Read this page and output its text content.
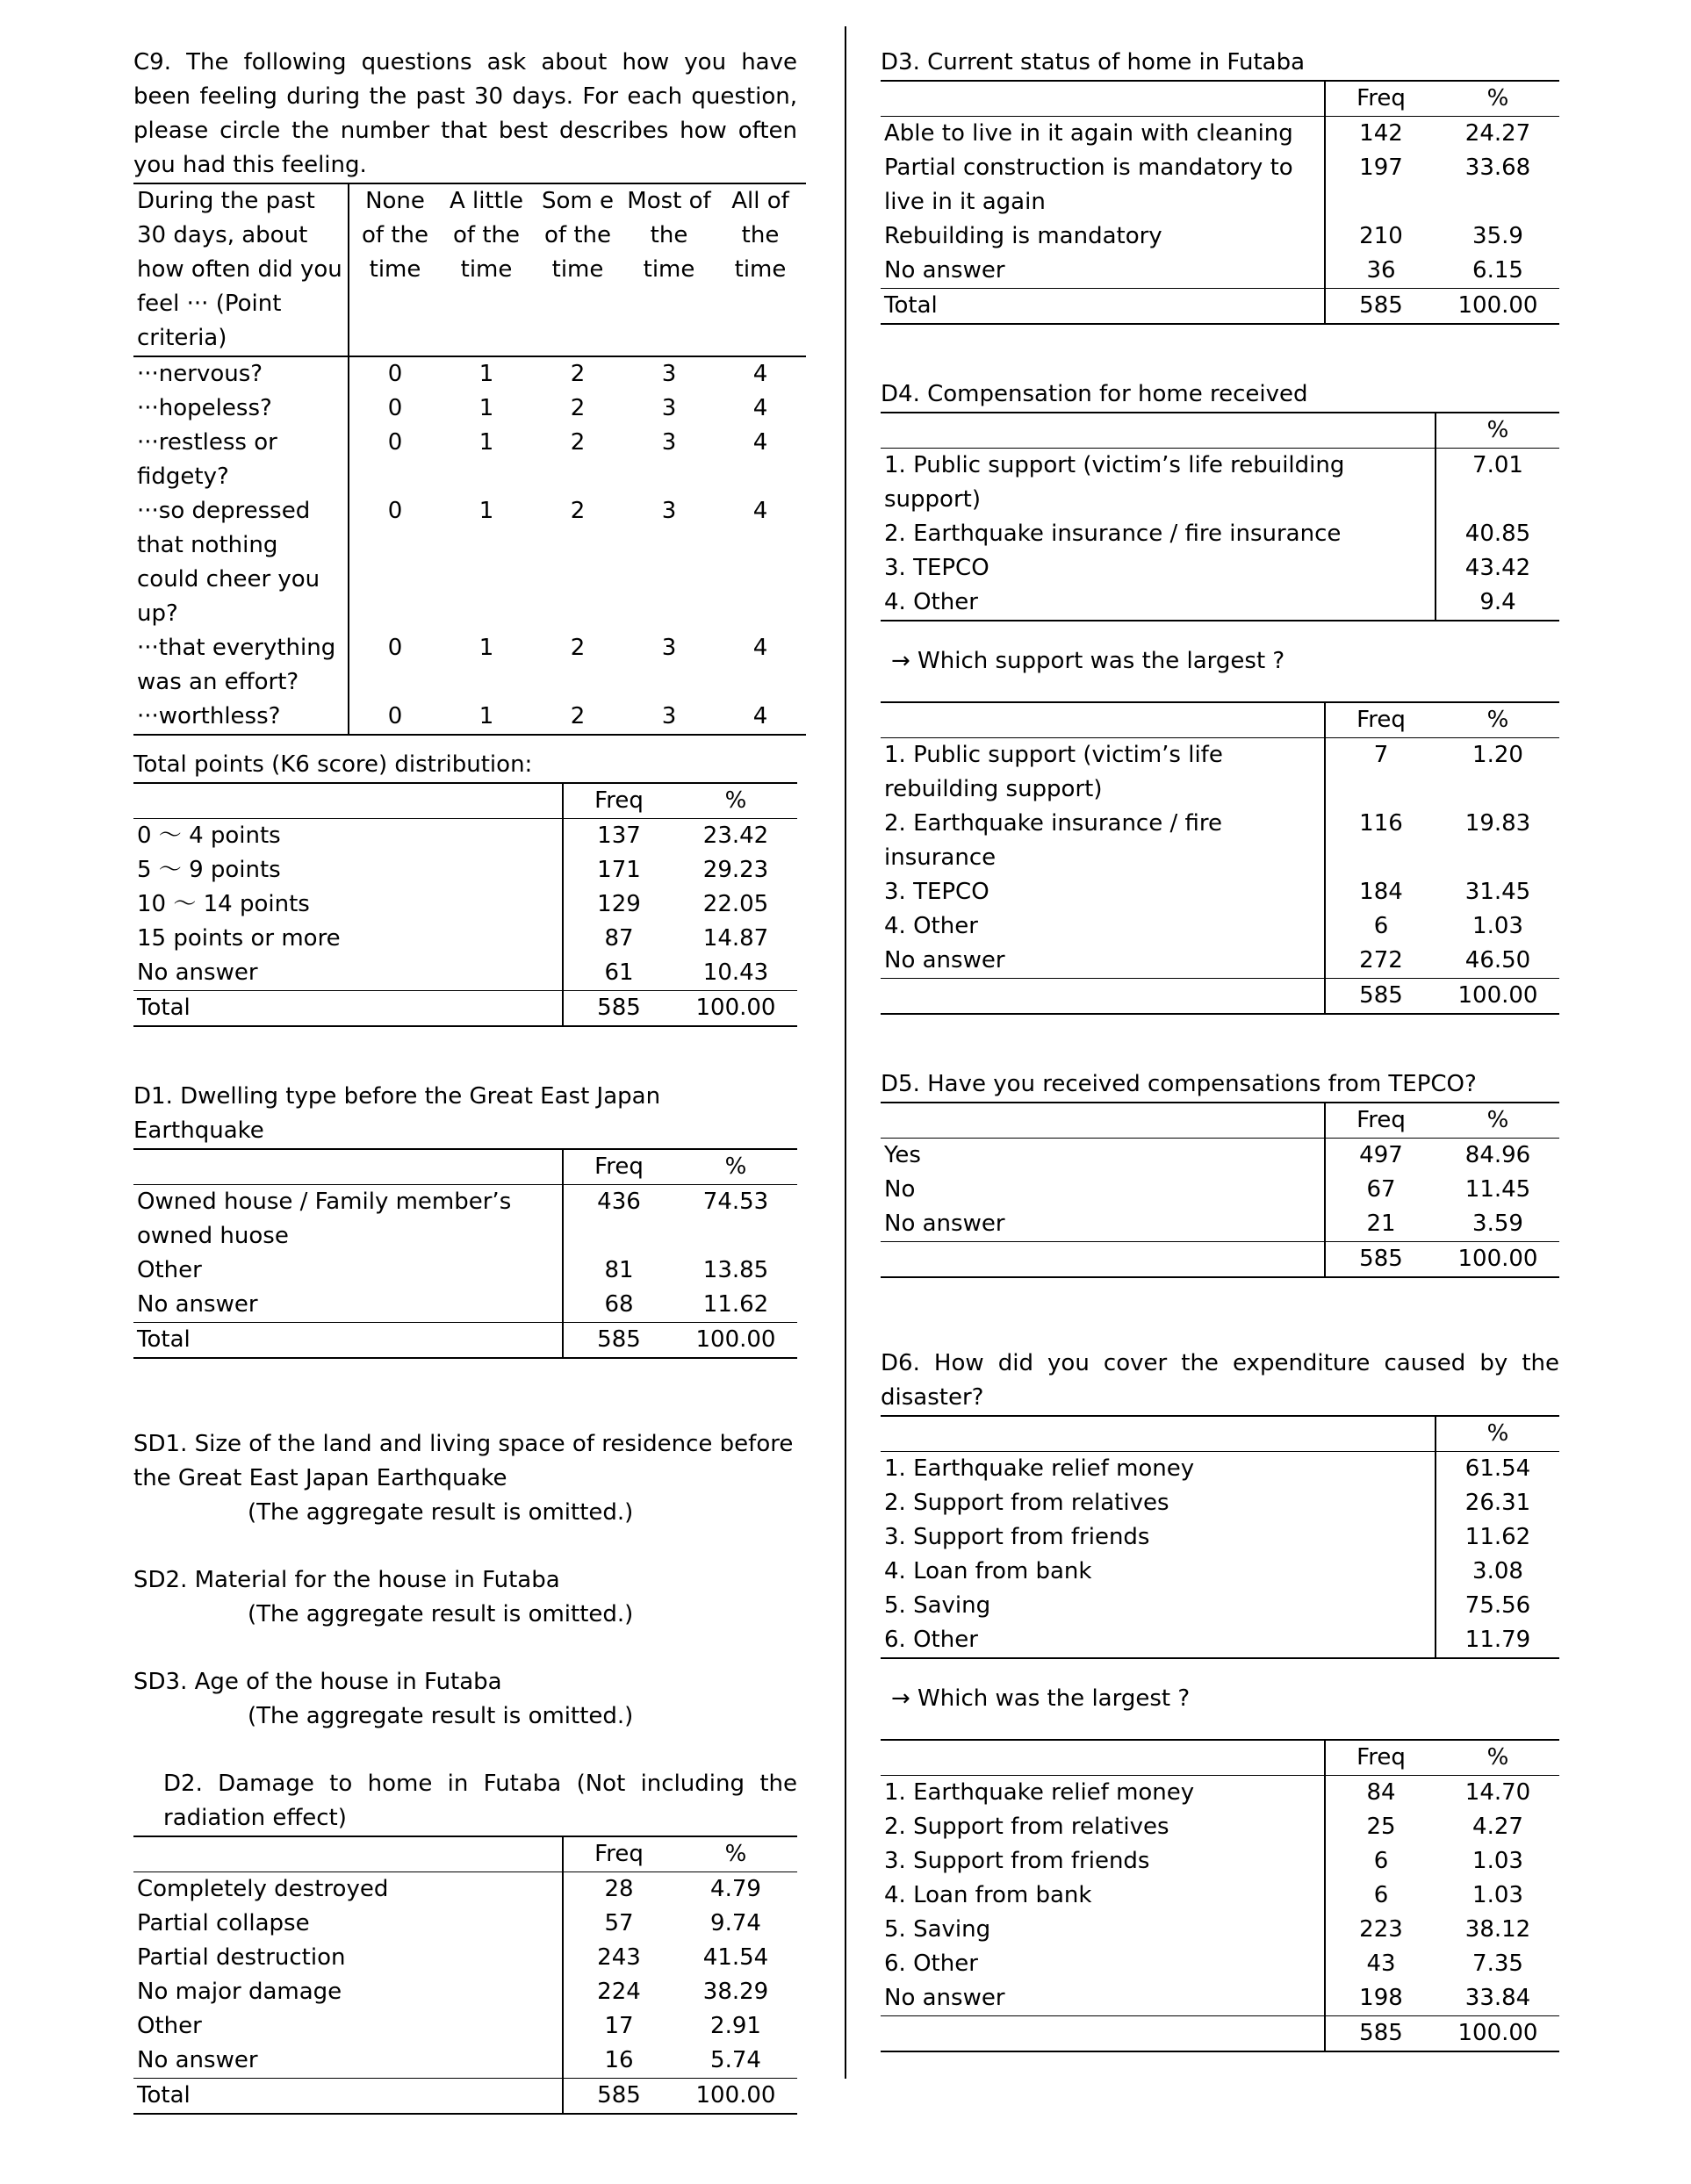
C9. The following questions ask about how you have been feeling during the past 30 days. For each question, please circle the number that best describes how often you had this feeling.

During the past 30 days, about how often did you feel ··· (Point criteria)	None of the time	A little of the time	Som e of the time	Most of the time	All of the time
···nervous?	0	1	2	3	4
···hopeless?	0	1	2	3	4
···restless or fidgety?	0	1	2	3	4
···so depressed that nothing could cheer you up?	0	1	2	3	4
···that everything was an effort?	0	1	2	3	4
···worthless?	0	1	2	3	4

Total points (K6 score) distribution:

	Freq	%
0 ～ 4 points	137	23.42
5 ～ 9 points	171	29.23
10 ～ 14 points	129	22.05
15 points or more	87	14.87
No answer	61	10.43
Total	585	100.00

D1. Dwelling type before the Great East Japan Earthquake

	Freq	%
Owned house / Family member’s owned huose	436	74.53
Other	81	13.85
No answer	68	11.62
Total	585	100.00

SD1. Size of the land and living space of residence before the Great East Japan Earthquake

(The aggregate result is omitted.)

SD2. Material for the house in Futaba

(The aggregate result is omitted.)

SD3. Age of the house in Futaba

(The aggregate result is omitted.)

D2. Damage to home in Futaba (Not including the radiation effect)

	Freq	%
Completely destroyed	28	4.79
Partial collapse	57	9.74
Partial destruction	243	41.54
No major damage	224	38.29
Other	17	2.91
No answer	16	5.74
Total	585	100.00

D3. Current status of home in Futaba

	Freq	%
Able to live in it again with cleaning	142	24.27
Partial construction is mandatory to live in it again	197	33.68
Rebuilding is mandatory	210	35.9
No answer	36	6.15
Total	585	100.00

D4. Compensation for home received

	%
1. Public support (victim’s life rebuilding support)	7.01
2. Earthquake insurance / fire insurance	40.85
3. TEPCO	43.42
4. Other	9.4

→ Which support was the largest ?

	Freq	%
1. Public support (victim’s life rebuilding support)	7	1.20
2. Earthquake insurance / fire insurance	116	19.83
3. TEPCO	184	31.45
4. Other	6	1.03
No answer	272	46.50
	585	100.00

D5. Have you received compensations from TEPCO?

	Freq	%
Yes	497	84.96
No	67	11.45
No answer	21	3.59
	585	100.00

D6. How did you cover the expenditure caused by the disaster?

	%
1. Earthquake relief money	61.54
2. Support from relatives	26.31
3. Support from friends	11.62
4. Loan from bank	3.08
5. Saving	75.56
6. Other	11.79

→ Which was the largest ?

	Freq	%
1. Earthquake relief money	84	14.70
2. Support from relatives	25	4.27
3. Support from friends	6	1.03
4. Loan from bank	6	1.03
5. Saving	223	38.12
6. Other	43	7.35
No answer	198	33.84
	585	100.00
